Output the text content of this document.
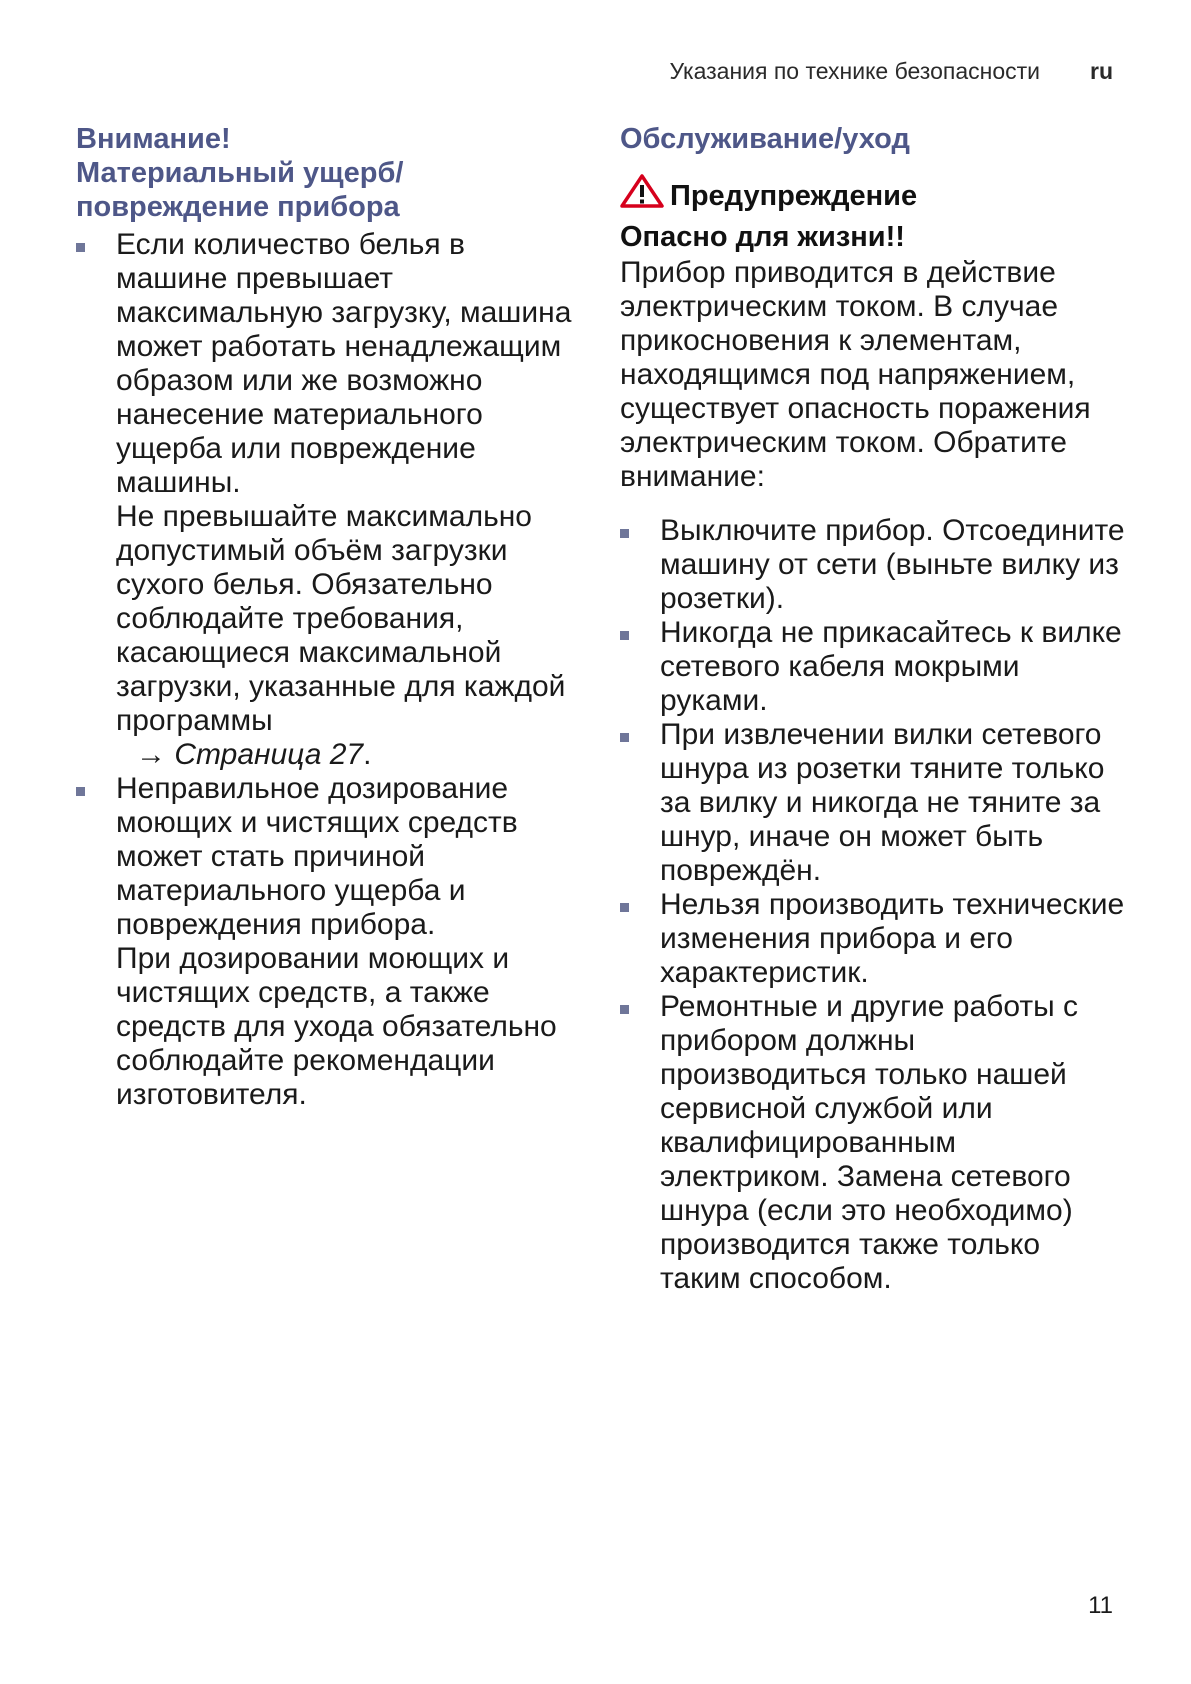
Указания по технике безопасности ru
Внимание!
Материальный ущерб/
повреждение прибора
Если количество белья в машине превышает максимальную загрузку, машина может работать ненадлежащим образом или же возможно нанесение материального ущерба или повреждение машины.
Не превышайте максимально допустимый объём загрузки сухого белья. Обязательно соблюдайте требования, касающиеся максимальной загрузки, указанные для каждой программы
→ Страница 27.
Неправильное дозирование моющих и чистящих средств может стать причиной материального ущерба и повреждения прибора.
При дозировании моющих и чистящих средств, а также средств для ухода обязательно соблюдайте рекомендации изготовителя.
Обслуживание/уход
Предупреждение
Опасно для жизни!!
Прибор приводится в действие электрическим током. В случае прикосновения к элементам, находящимся под напряжением, существует опасность поражения электрическим током. Обратите внимание:
Выключите прибор. Отсоедините машину от сети (выньте вилку из розетки).
Никогда не прикасайтесь к вилке сетевого кабеля мокрыми руками.
При извлечении вилки сетевого шнура из розетки тяните только за вилку и никогда не тяните за шнур, иначе он может быть повреждён.
Нельзя производить технические изменения прибора и его характеристик.
Ремонтные и другие работы с прибором должны производиться только нашей сервисной службой или квалифицированным электриком. Замена сетевого шнура (если это необходимо) производится также только таким способом.
11
